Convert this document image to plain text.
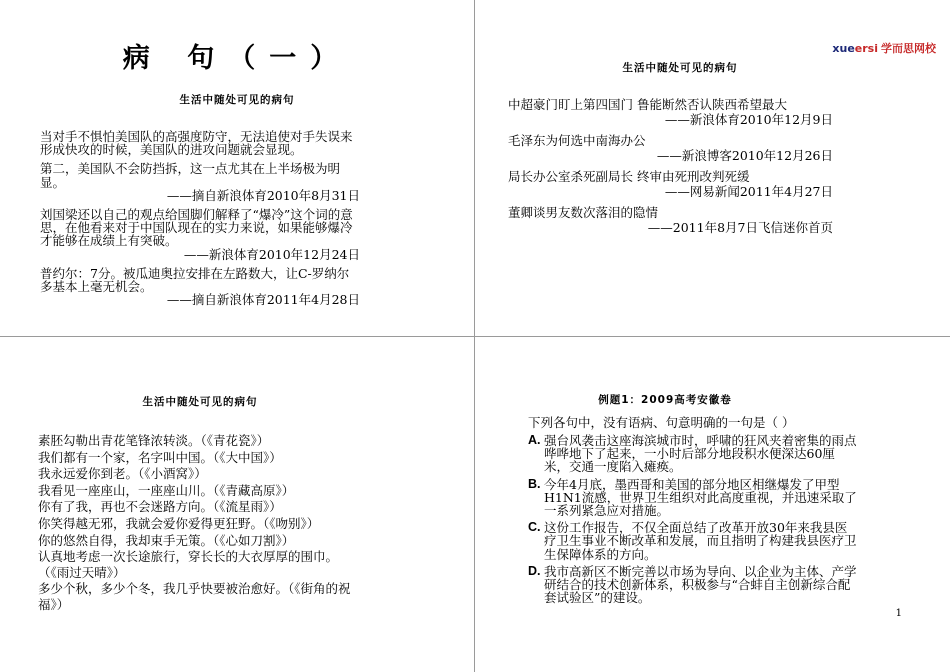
病 句（一）
生活中随处可见的病句

当对手不惧怕美国队的高强度防守，无法追使对手失误来形成快攻的时候，美国队的进攻问题就会显现。

第二，美国队不会防挡拆，这一点尤其在上半场极为明显。

——摘自新浪体育2010年8月31日

刘国梁还以自己的观点给国脚们解释了“爆冷”这个词的意思，在他看来对于中国队现在的实力来说，如果能够爆冷才能够在成绩上有突破。

——新浪体育2010年12月24日

普约尔：7分。被瓜迪奥拉安排在左路数大，让C-罗纳尔多基本上毫无机会。

——摘自新浪体育2011年4月28日

xueersi 学而思网校
生活中随处可见的病句

中超豪门盯上第四国门 鲁能断然否认陕西希望最大

——新浪体育2010年12月9日

毛泽东为何选中南海办公

——新浪博客2010年12月26日

局长办公室杀死副局长 终审由死刑改判死缓

——网易新闻2011年4月27日

董卿谈男友数次落泪的隐情

——2011年8月7日飞信迷你首页

生活中随处可见的病句

素胚勾勒出青花笔锋浓转淡。（《青花瓷》）

我们都有一个家，名字叫中国。（《大中国》）

我永远爱你到老。（《小酒窝》）

我看见一座座山，一座座山川。（《青藏高原》）

你有了我，再也不会迷路方向。（《流星雨》）

你笑得越无邪，我就会爱你爱得更狂野。（《吻别》）

你的悠然自得，我却束手无策。（《心如刀割》）

认真地考虑一次长途旅行，穿长长的大衣厚厚的围巾。（《雨过天晴》）

多少个秋，多少个冬，我几乎快要被治愈好。（《街角的祝福》）

例题1：2009高考安徽卷
下列各句中，没有语病、句意明确的一句是（ ）
A. 强台风袭击这座海滨城市时，呼啸的狂风夹着密集的雨点哗哗地下了起来，一小时后部分地段积水便深达60厘米，交通一度陷入瘫痪。
B. 今年4月底，墨西哥和美国的部分地区相继爆发了甲型H1N1流感，世界卫生组织对此高度重视，并迅速采取了一系列紧急应对措施。
C. 这份工作报告，不仅全面总结了改革开放30年来我县医疗卫生事业不断改革和发展，而且指明了构建我县医疗卫生保障体系的方向。
D. 我市高新区不断完善以市场为导向、以企业为主体、产学研结合的技术创新体系，积极参与“合蚌自主创新综合配套试验区”的建设。
1
